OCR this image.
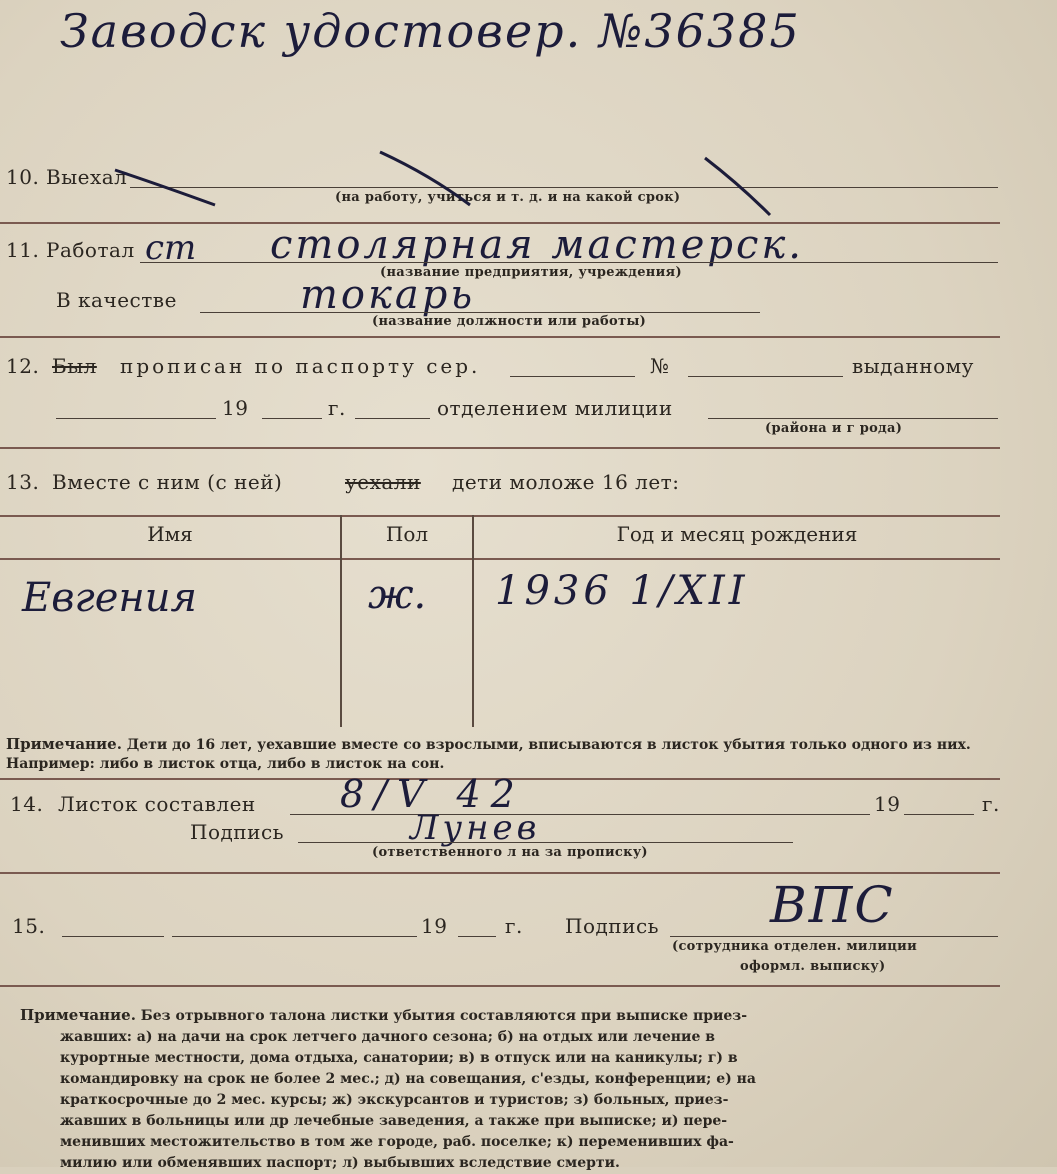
Заводск удостовер. №36385
10. Выехал
(на работу, учиться и т. д. и на какой срок)
11. Работал ст столярная мастерск.
(название предприятия, учреждения)
В качестве	токарь
(название должности или работы)
12. Был прописан по паспорту сер.	№	выданному
19	г.	отделением милиции
(района и г рода)
13. Вместе с ним (с ней)	уехали дети моложе 16 лет:
Имя	Пол	Год и месяц рождения
Евгения	ж. 1936 1/XII
Примечание. Дети до 16 лет, уехавшие вместе со взрослыми, вписываются в листок убытия только одного из них. Например: либо в листок отца, либо в листок на сон.
14. Листок составлен 8/V 42	19	г.
Подпись	Лунев
(ответственного л на за прописку)
15.	19	г. Подпись ВПС
(сотрудника отделен. милиции
оформл. выписку)
Примечание. Без отрывного талона листки убытия составляются при выписке приез-
жавших: а) на дачи на срок летчего дачного сезона; б) на отдых или лечение в
курортные местности, дома отдыха, санатории; в) в отпуск или на каникулы; г) в
командировку на срок не более 2 мес.; д) на совещания, с'езды, конференции; е) на
краткосрочные до 2 мес. курсы; ж) экскурсантов и туристов; з) больных, приез-
жавших в больницы или др лечебные заведения, а также при выписке; и) пере-
менивших местожительство в том же городе, раб. поселке; к) переменивших фа-
милию или обменявших паспорт; л) выбывших вследствие смерти.
